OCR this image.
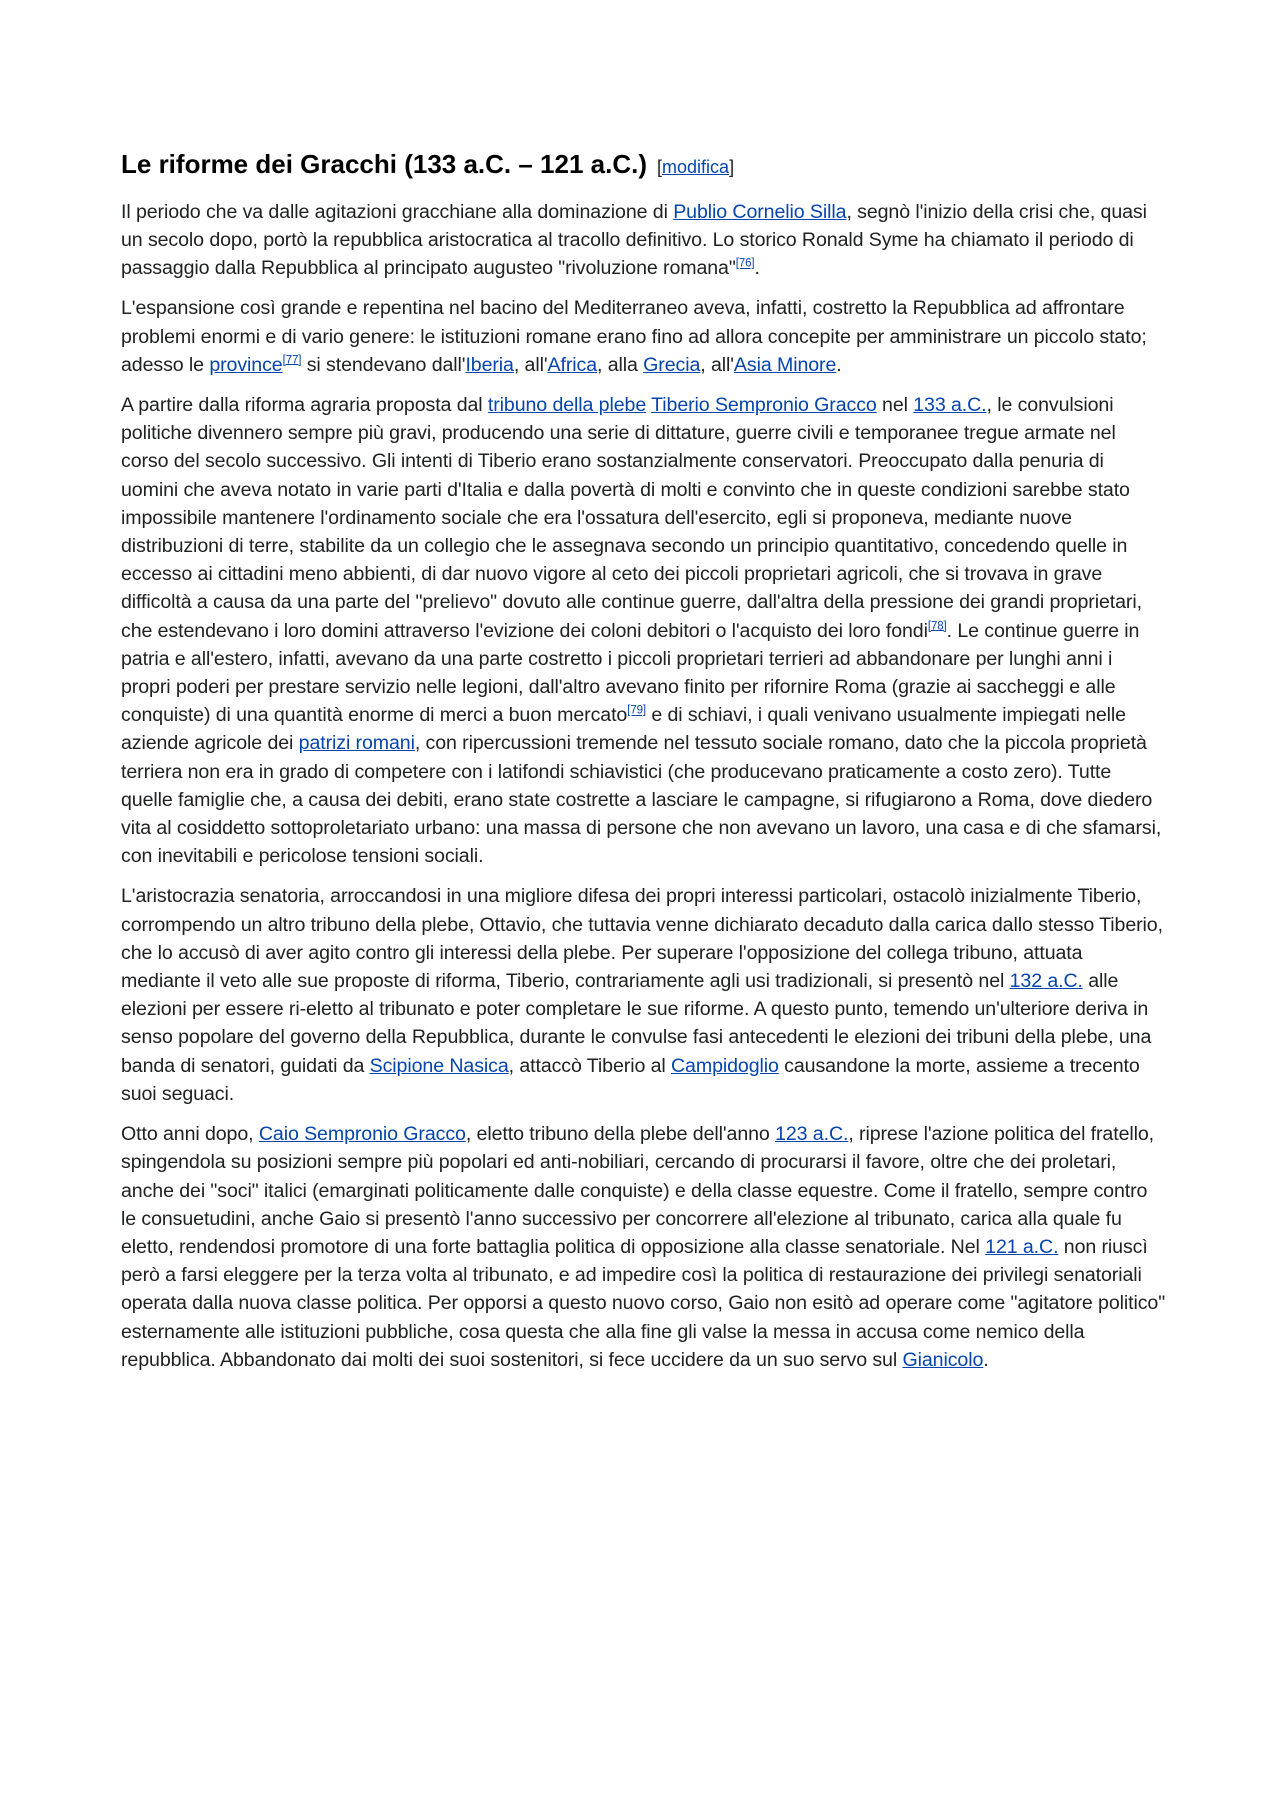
Le riforme dei Gracchi (133 a.C. – 121 a.C.) [modifica]

Il periodo che va dalle agitazioni gracchiane alla dominazione di Publio Cornelio Silla, segnò l'inizio della crisi che, quasi un secolo dopo, portò la repubblica aristocratica al tracollo definitivo. Lo storico Ronald Syme ha chiamato il periodo di passaggio dalla Repubblica al principato augusteo "rivoluzione romana"[76].

L'espansione così grande e repentina nel bacino del Mediterraneo aveva, infatti, costretto la Repubblica ad affrontare problemi enormi e di vario genere: le istituzioni romane erano fino ad allora concepite per amministrare un piccolo stato; adesso le province[77] si stendevano dall'Iberia, all'Africa, alla Grecia, all'Asia Minore.

A partire dalla riforma agraria proposta dal tribuno della plebe Tiberio Sempronio Gracco nel 133 a.C., le convulsioni politiche divennero sempre più gravi, producendo una serie di dittature, guerre civili e temporanee tregue armate nel corso del secolo successivo. Gli intenti di Tiberio erano sostanzialmente conservatori. Preoccupato dalla penuria di uomini che aveva notato in varie parti d'Italia e dalla povertà di molti e convinto che in queste condizioni sarebbe stato impossibile mantenere l'ordinamento sociale che era l'ossatura dell'esercito, egli si proponeva, mediante nuove distribuzioni di terre, stabilite da un collegio che le assegnava secondo un principio quantitativo, concedendo quelle in eccesso ai cittadini meno abbienti, di dar nuovo vigore al ceto dei piccoli proprietari agricoli, che si trovava in grave difficoltà a causa da una parte del "prelievo" dovuto alle continue guerre, dall'altra della pressione dei grandi proprietari, che estendevano i loro domini attraverso l'evizione dei coloni debitori o l'acquisto dei loro fondi[78]. Le continue guerre in patria e all'estero, infatti, avevano da una parte costretto i piccoli proprietari terrieri ad abbandonare per lunghi anni i propri poderi per prestare servizio nelle legioni, dall'altro avevano finito per rifornire Roma (grazie ai saccheggi e alle conquiste) di una quantità enorme di merci a buon mercato[79] e di schiavi, i quali venivano usualmente impiegati nelle aziende agricole dei patrizi romani, con ripercussioni tremende nel tessuto sociale romano, dato che la piccola proprietà terriera non era in grado di competere con i latifondi schiavistici (che producevano praticamente a costo zero). Tutte quelle famiglie che, a causa dei debiti, erano state costrette a lasciare le campagne, si rifugiarono a Roma, dove diedero vita al cosiddetto sottoproletariato urbano: una massa di persone che non avevano un lavoro, una casa e di che sfamarsi, con inevitabili e pericolose tensioni sociali.

L'aristocrazia senatoria, arroccandosi in una migliore difesa dei propri interessi particolari, ostacolò inizialmente Tiberio, corrompendo un altro tribuno della plebe, Ottavio, che tuttavia venne dichiarato decaduto dalla carica dallo stesso Tiberio, che lo accusò di aver agito contro gli interessi della plebe. Per superare l'opposizione del collega tribuno, attuata mediante il veto alle sue proposte di riforma, Tiberio, contrariamente agli usi tradizionali, si presentò nel 132 a.C. alle elezioni per essere ri-eletto al tribunato e poter completare le sue riforme. A questo punto, temendo un'ulteriore deriva in senso popolare del governo della Repubblica, durante le convulse fasi antecedenti le elezioni dei tribuni della plebe, una banda di senatori, guidati da Scipione Nasica, attaccò Tiberio al Campidoglio causandone la morte, assieme a trecento suoi seguaci.

Otto anni dopo, Caio Sempronio Gracco, eletto tribuno della plebe dell'anno 123 a.C., riprese l'azione politica del fratello, spingendola su posizioni sempre più popolari ed anti-nobiliari, cercando di procurarsi il favore, oltre che dei proletari, anche dei "soci" italici (emarginati politicamente dalle conquiste) e della classe equestre. Come il fratello, sempre contro le consuetudini, anche Gaio si presentò l'anno successivo per concorrere all'elezione al tribunato, carica alla quale fu eletto, rendendosi promotore di una forte battaglia politica di opposizione alla classe senatoriale. Nel 121 a.C. non riuscì però a farsi eleggere per la terza volta al tribunato, e ad impedire così la politica di restaurazione dei privilegi senatoriali operata dalla nuova classe politica. Per opporsi a questo nuovo corso, Gaio non esitò ad operare come "agitatore politico" esternamente alle istituzioni pubbliche, cosa questa che alla fine gli valse la messa in accusa come nemico della repubblica. Abbandonato dai molti dei suoi sostenitori, si fece uccidere da un suo servo sul Gianicolo.
